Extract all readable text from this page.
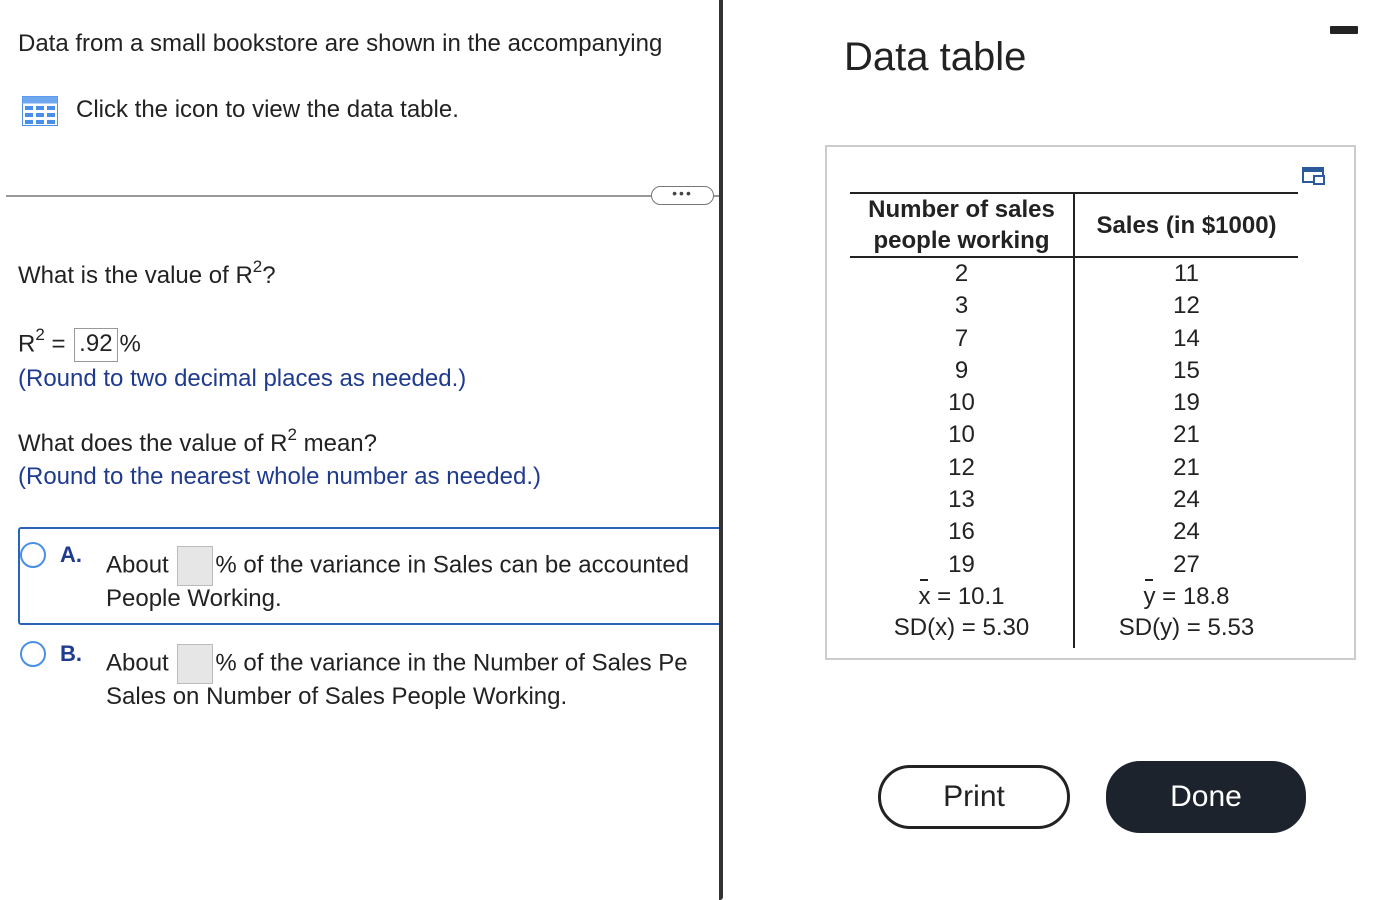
Data from a small bookstore are shown in the accompanying
Click the icon to view the data table.
•••
What is the value of $R^2$?
$R^2 = .92$ %
(Round to two decimal places as needed.)
What does the value of $R^2$ mean?
(Round to the nearest whole number as needed.)
A. About % of the variance in Sales can be accounted
People Working.
B. About % of the variance in the Number of Sales Pe
Sales on Number of Sales People Working.
Data table
Number of sales
people working
2
3
7
9
10
10
12
13
16
19
x = 10.1
SD(x) = 5.30
Sales (in $1000)
11
12
14
15
19
21
21
24
24
27
y = 18.8
SD(y) = 5.53
Print	Done
